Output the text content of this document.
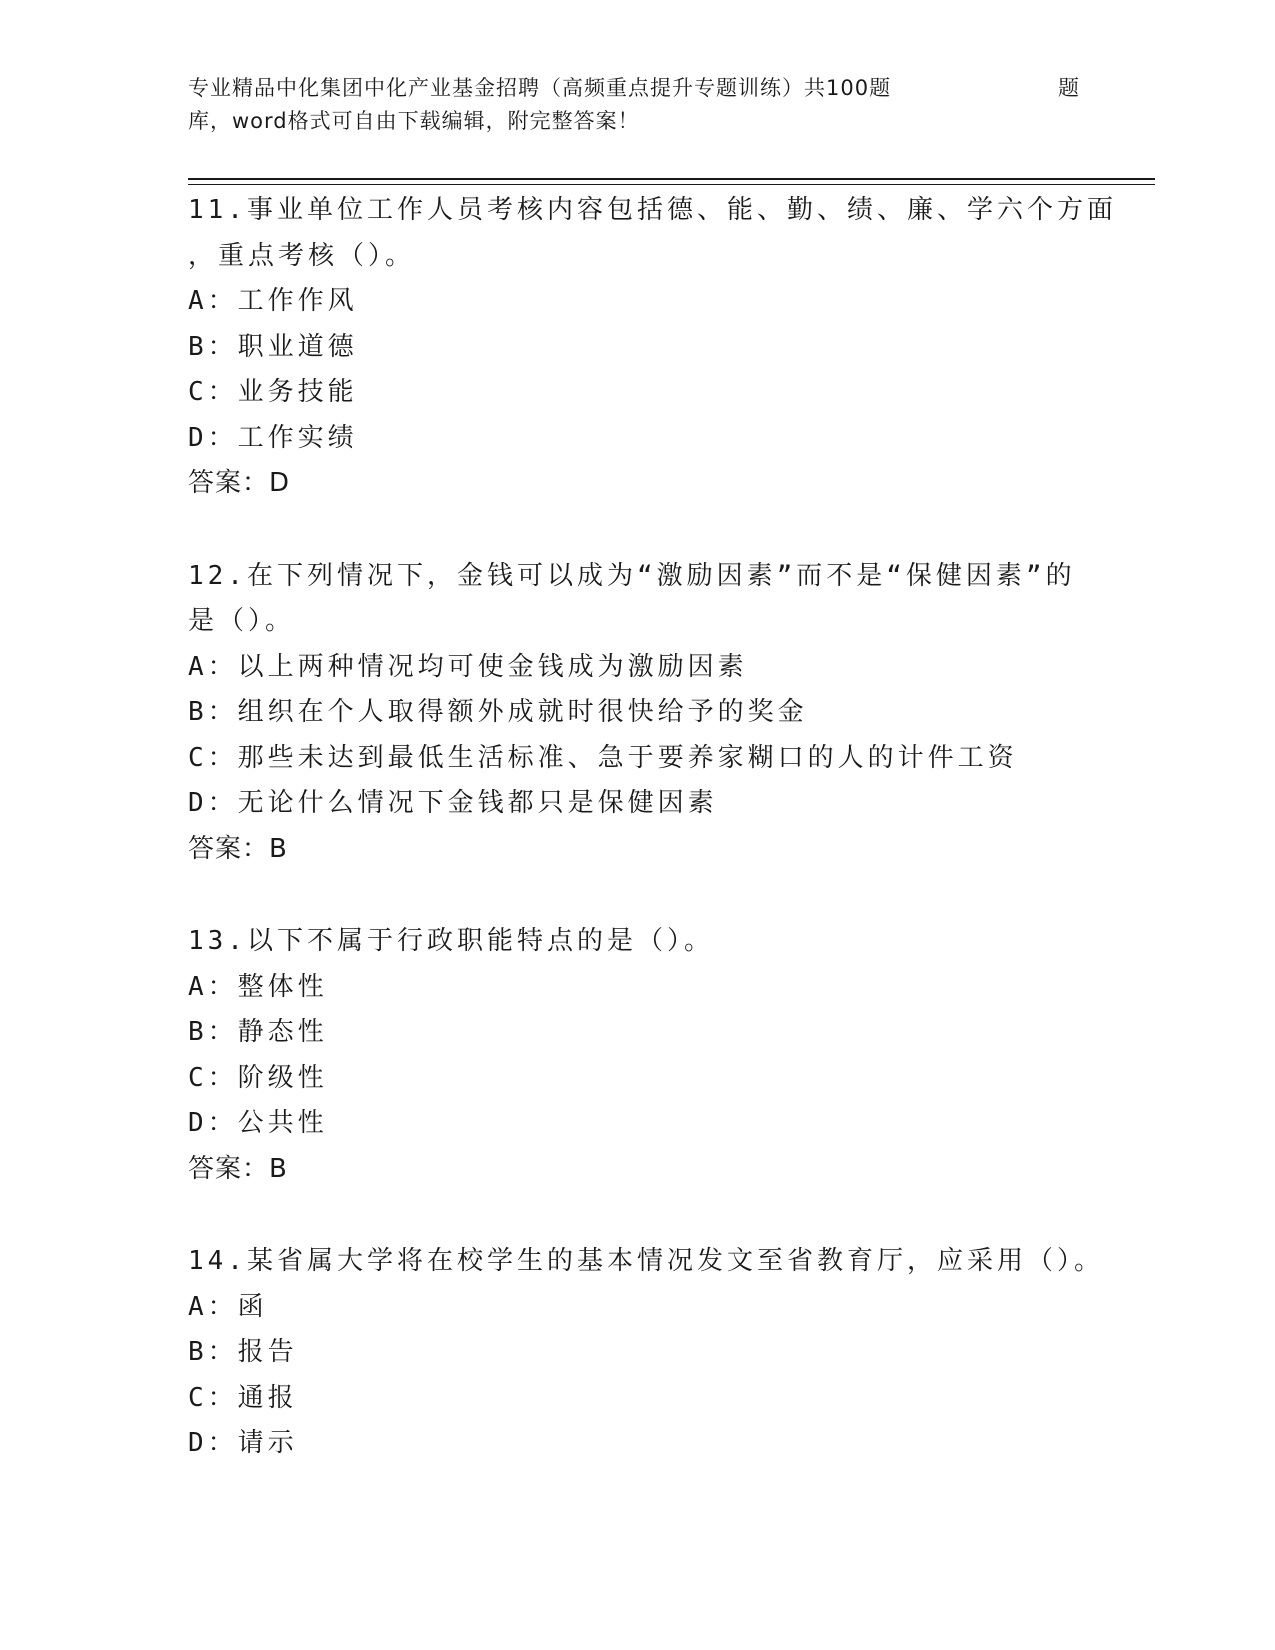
专业精品中化集团中化产业基金招聘（高频重点提升专题训练）共100题	题
库，word格式可自由下载编辑，附完整答案！
11.事业单位工作人员考核内容包括德、能、勤、绩、廉、学六个方面
，重点考核（）。
A：工作作风
B：职业道德
C：业务技能
D：工作实绩
答案：D
12.在下列情况下，金钱可以成为“激励因素”而不是“保健因素”的
是（）。
A：以上两种情况均可使金钱成为激励因素
B：组织在个人取得额外成就时很快给予的奖金
C：那些未达到最低生活标准、急于要养家糊口的人的计件工资
D：无论什么情况下金钱都只是保健因素
答案：B
13.以下不属于行政职能特点的是（）。
A：整体性
B：静态性
C：阶级性
D：公共性
答案：B
14.某省属大学将在校学生的基本情况发文至省教育厅，应采用（）。
A：函
B：报告
C：通报
D：请示
